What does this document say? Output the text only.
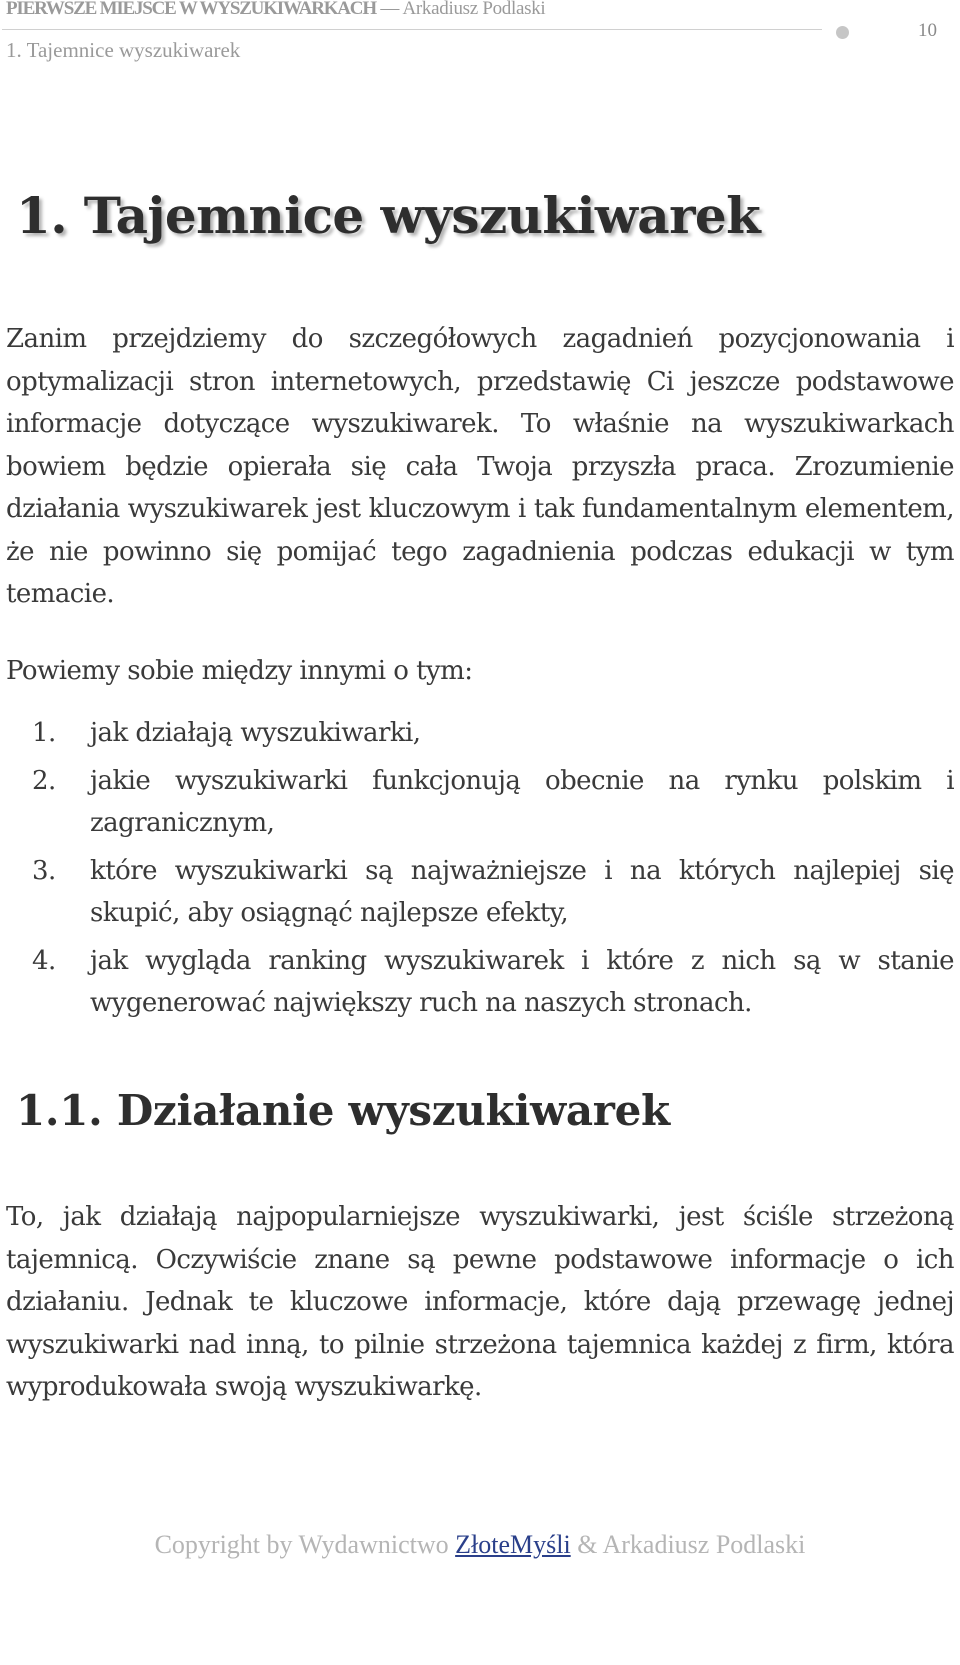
PIERWSZE MIEJSCE W WYSZUKIWARKACH — Arkadiusz Podlaski
10
1. Tajemnice wyszukiwarek
1. Tajemnice wyszukiwarek

Zanim przejdziemy do szczegółowych zagadnień pozycjonowania i optymalizacji stron internetowych, przedstawię Ci jeszcze podstawowe informacje dotyczące wyszukiwarek. To właśnie na wyszukiwarkach bowiem będzie opierała się cała Twoja przyszła praca. Zrozumienie działania wyszukiwarek jest kluczowym i tak fundamentalnym elementem, że nie powinno się pomijać tego zagadnienia podczas edukacji w tym temacie.

Powiemy sobie między innymi o tym:

1. jak działają wyszukiwarki,
2. jakie wyszukiwarki funkcjonują obecnie na rynku polskim i zagranicznym,
3. które wyszukiwarki są najważniejsze i na których najlepiej się skupić, aby osiągnąć najlepsze efekty,
4. jak wygląda ranking wyszukiwarek i które z nich są w stanie wygenerować największy ruch na naszych stronach.
1.1. Działanie wyszukiwarek

To, jak działają najpopularniejsze wyszukiwarki, jest ściśle strzeżoną tajemnicą. Oczywiście znane są pewne podstawowe informacje o ich działaniu. Jednak te kluczowe informacje, które dają przewagę jednej wyszukiwarki nad inną, to pilnie strzeżona tajemnica każdej z firm, która wyprodukowała swoją wyszukiwarkę.

Copyright by Wydawnictwo ZłoteMyśli & Arkadiusz Podlaski
